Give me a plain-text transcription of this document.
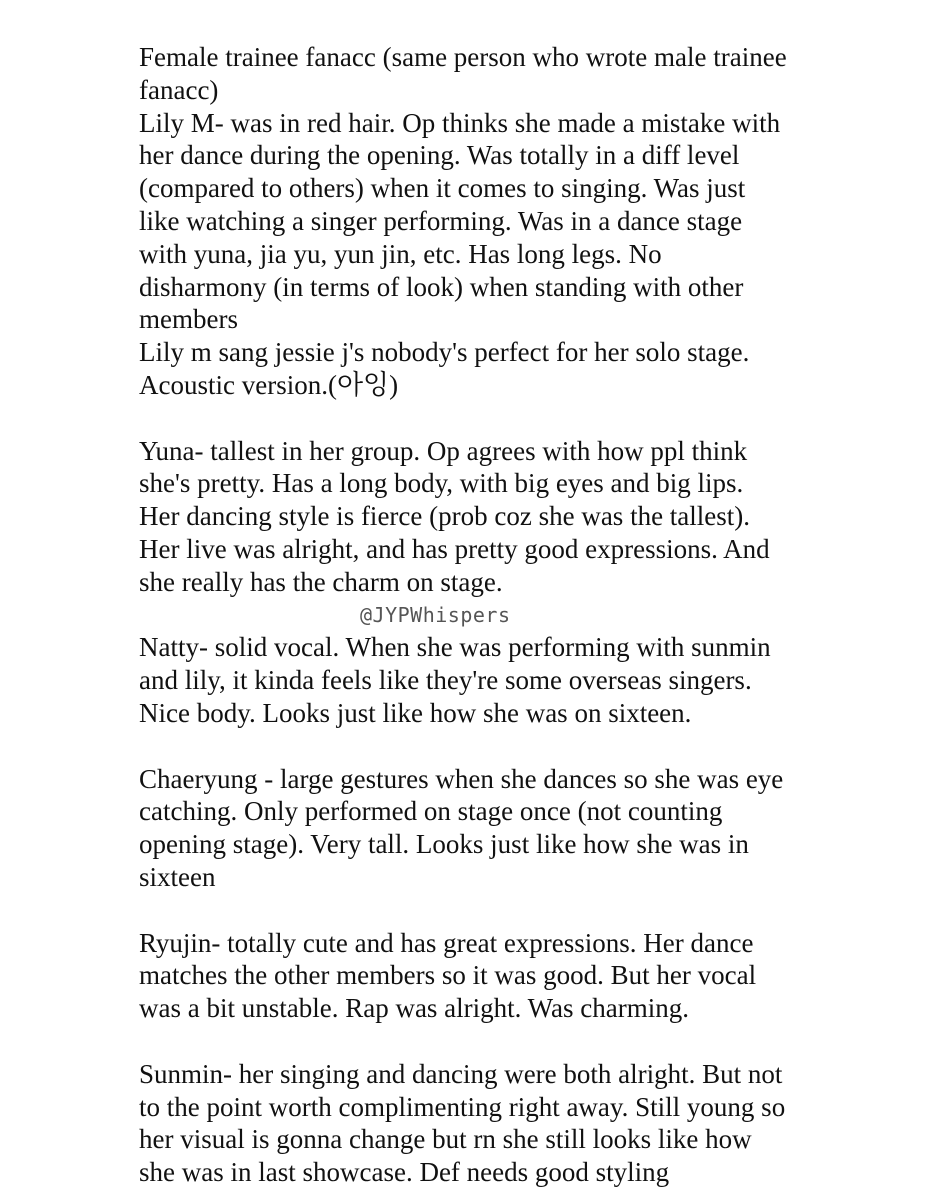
Female trainee fanacc (same person who wrote male trainee
fanacc)
Lily M- was in red hair. Op thinks she made a mistake with
her dance during the opening. Was totally in a diff level
(compared to others) when it comes to singing. Was just
like watching a singer performing. Was in a dance stage
with yuna, jia yu, yun jin, etc. Has long legs. No
disharmony (in terms of look) when standing with other
members
Lily m sang jessie j's nobody's perfect for her solo stage.
Acoustic version.(아잉)
Yuna- tallest in her group. Op agrees with how ppl think
she's pretty. Has a long body, with big eyes and big lips.
Her dancing style is fierce (prob coz she was the tallest).
Her live was alright, and has pretty good expressions. And
she really has the charm on stage.
@JYPWhispers
Natty- solid vocal. When she was performing with sunmin
and lily, it kinda feels like they're some overseas singers.
Nice body. Looks just like how she was on sixteen.
Chaeryung - large gestures when she dances so she was eye
catching. Only performed on stage once (not counting
opening stage). Very tall. Looks just like how she was in
sixteen
Ryujin- totally cute and has great expressions. Her dance
matches the other members so it was good. But her vocal
was a bit unstable. Rap was alright. Was charming.
Sunmin- her singing and dancing were both alright. But not
to the point worth complimenting right away. Still young so
her visual is gonna change but rn she still looks like how
she was in last showcase. Def needs good styling
